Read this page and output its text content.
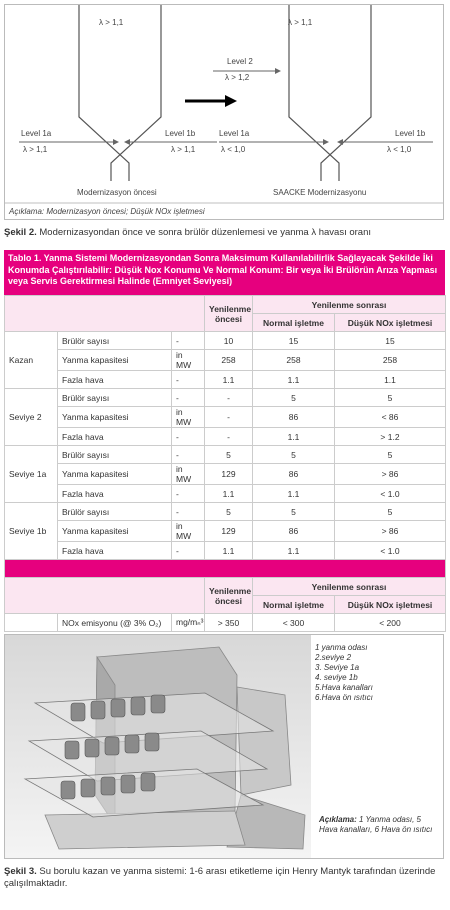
λ > 1,1	λ > 1,1
Level 2
λ > 1,2
Level 1a
λ > 1,1
Level 1b
λ > 1,1
Level 1a
λ < 1,0
Level 1b
λ < 1,0
Modernizasyon öncesi	SAACKE Modernizasyonu
Açıklama: Modernizasyon öncesi; Düşük NOx işletmesi
Şekil 2. Modernizasyondan önce ve sonra brülör düzenlemesi ve yanma λ havası oranı
Tablo 1. Yanma Sistemi Modernizasyondan Sonra Maksimum Kullanılabilirlik Sağlayacak Şekilde İki Konumda Çalıştırılabilir: Düşük Nox Konumu Ve Normal Konum: Bir veya İki Brülörün Arıza Yapması veya Servis Gerektirmesi Halinde (Emniyet Seviyesi)
			Yenilenme öncesi	Yenilenme sonrası	
				Normal işletme	Düşük NOx işletmesi
Kazan	Brülör sayısı	-	10	15	15
	Yanma kapasitesi	in MW	258	258	258
	Fazla hava	-	1.1	1.1	1.1
Seviye 2	Brülör sayısı	-	-	5	5
	Yanma kapasitesi	in MW	-	86	< 86
	Fazla hava	-	-	1.1	> 1.2
Seviye 1a	Brülör sayısı	-	5	5	5
	Yanma kapasitesi	in MW	129	86	> 86
	Fazla hava	-	1.1	1.1	< 1.0
Seviye 1b	Brülör sayısı	-	5	5	5
	Yanma kapasitesi	in MW	129	86	> 86
	Fazla hava	-	1.1	1.1	< 1.0

			Yenilenme öncesi	Yenilenme sonrası	
				Normal işletme	Düşük NOx işletmesi
	NOx emisyonu (@ 3% O₂)	mg/mₙ³	> 350	< 300	< 200
1 yanma odası
2.seviye 2
3. Seviye 1a
4. seviye 1b
5.Hava kanalları
6.Hava ön ısıtıcı
Açıklama: 1 Yanma odası, 5 Hava kanalları, 6 Hava ön ısıtıcı
Şekil 3. Su borulu kazan ve yanma sistemi: 1-6 arası etiketleme için Henry Mantyk tarafından üzerinde çalışılmaktadır.
